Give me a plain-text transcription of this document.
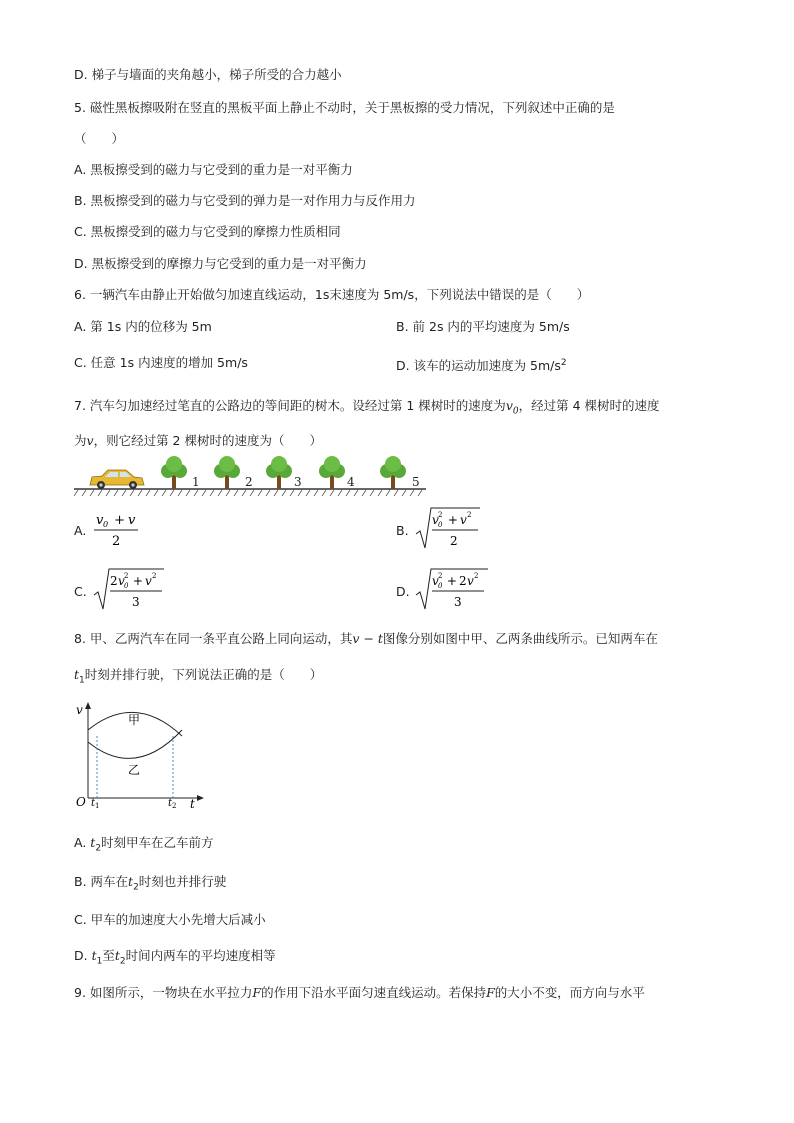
D. 梯子与墙面的夹角越小，梯子所受的合力越小
5. 磁性黑板擦吸附在竖直的黑板平面上静止不动时，关于黑板擦的受力情况，下列叙述中正确的是
（　　）
A. 黑板擦受到的磁力与它受到的重力是一对平衡力
B. 黑板擦受到的磁力与它受到的弹力是一对作用力与反作用力
C. 黑板擦受到的磁力与它受到的摩擦力性质相同
D. 黑板擦受到的摩擦力与它受到的重力是一对平衡力
6. 一辆汽车由静止开始做匀加速直线运动，1s末速度为 5m/s，下列说法中错误的是（　　）
A. 第 1s 内的位移为 5m	B. 前 2s 内的平均速度为 5m/s
C. 任意 1s 内速度的增加 5m/s	D. 该车的运动加速度为 $5m/s^2$
7. 汽车匀加速经过笔直的公路边的等间距的树木。设经过第 1 棵树时的速度为$v_0$，经过第 4 棵树时的速度
为v，则它经过第 2 棵树时的速度为（　　）
1	2	3	4	5
A.
v 0 +
v
2
B.
v 0
2 +
v 2
2
C.
2 v 0
2 +
v 2
3
D.
v 0
2 +
2 v 2
3
8. 甲、乙两汽车在同一条平直公路上同向运动，其v − t图像分别如图中甲、乙两条曲线所示。已知两车在
$t_1$时刻并排行驶，下列说法正确的是（　　）
v
t
O t 1	t 2
甲
乙
A. $t_2$时刻甲车在乙车前方
B. 两车在$t_2$时刻也并排行驶
C. 甲车的加速度大小先增大后减小
D. $t_1$至$t_2$时间内两车的平均速度相等
9. 如图所示，一物块在水平拉力F的作用下沿水平面匀速直线运动。若保持F的大小不变，而方向与水平
